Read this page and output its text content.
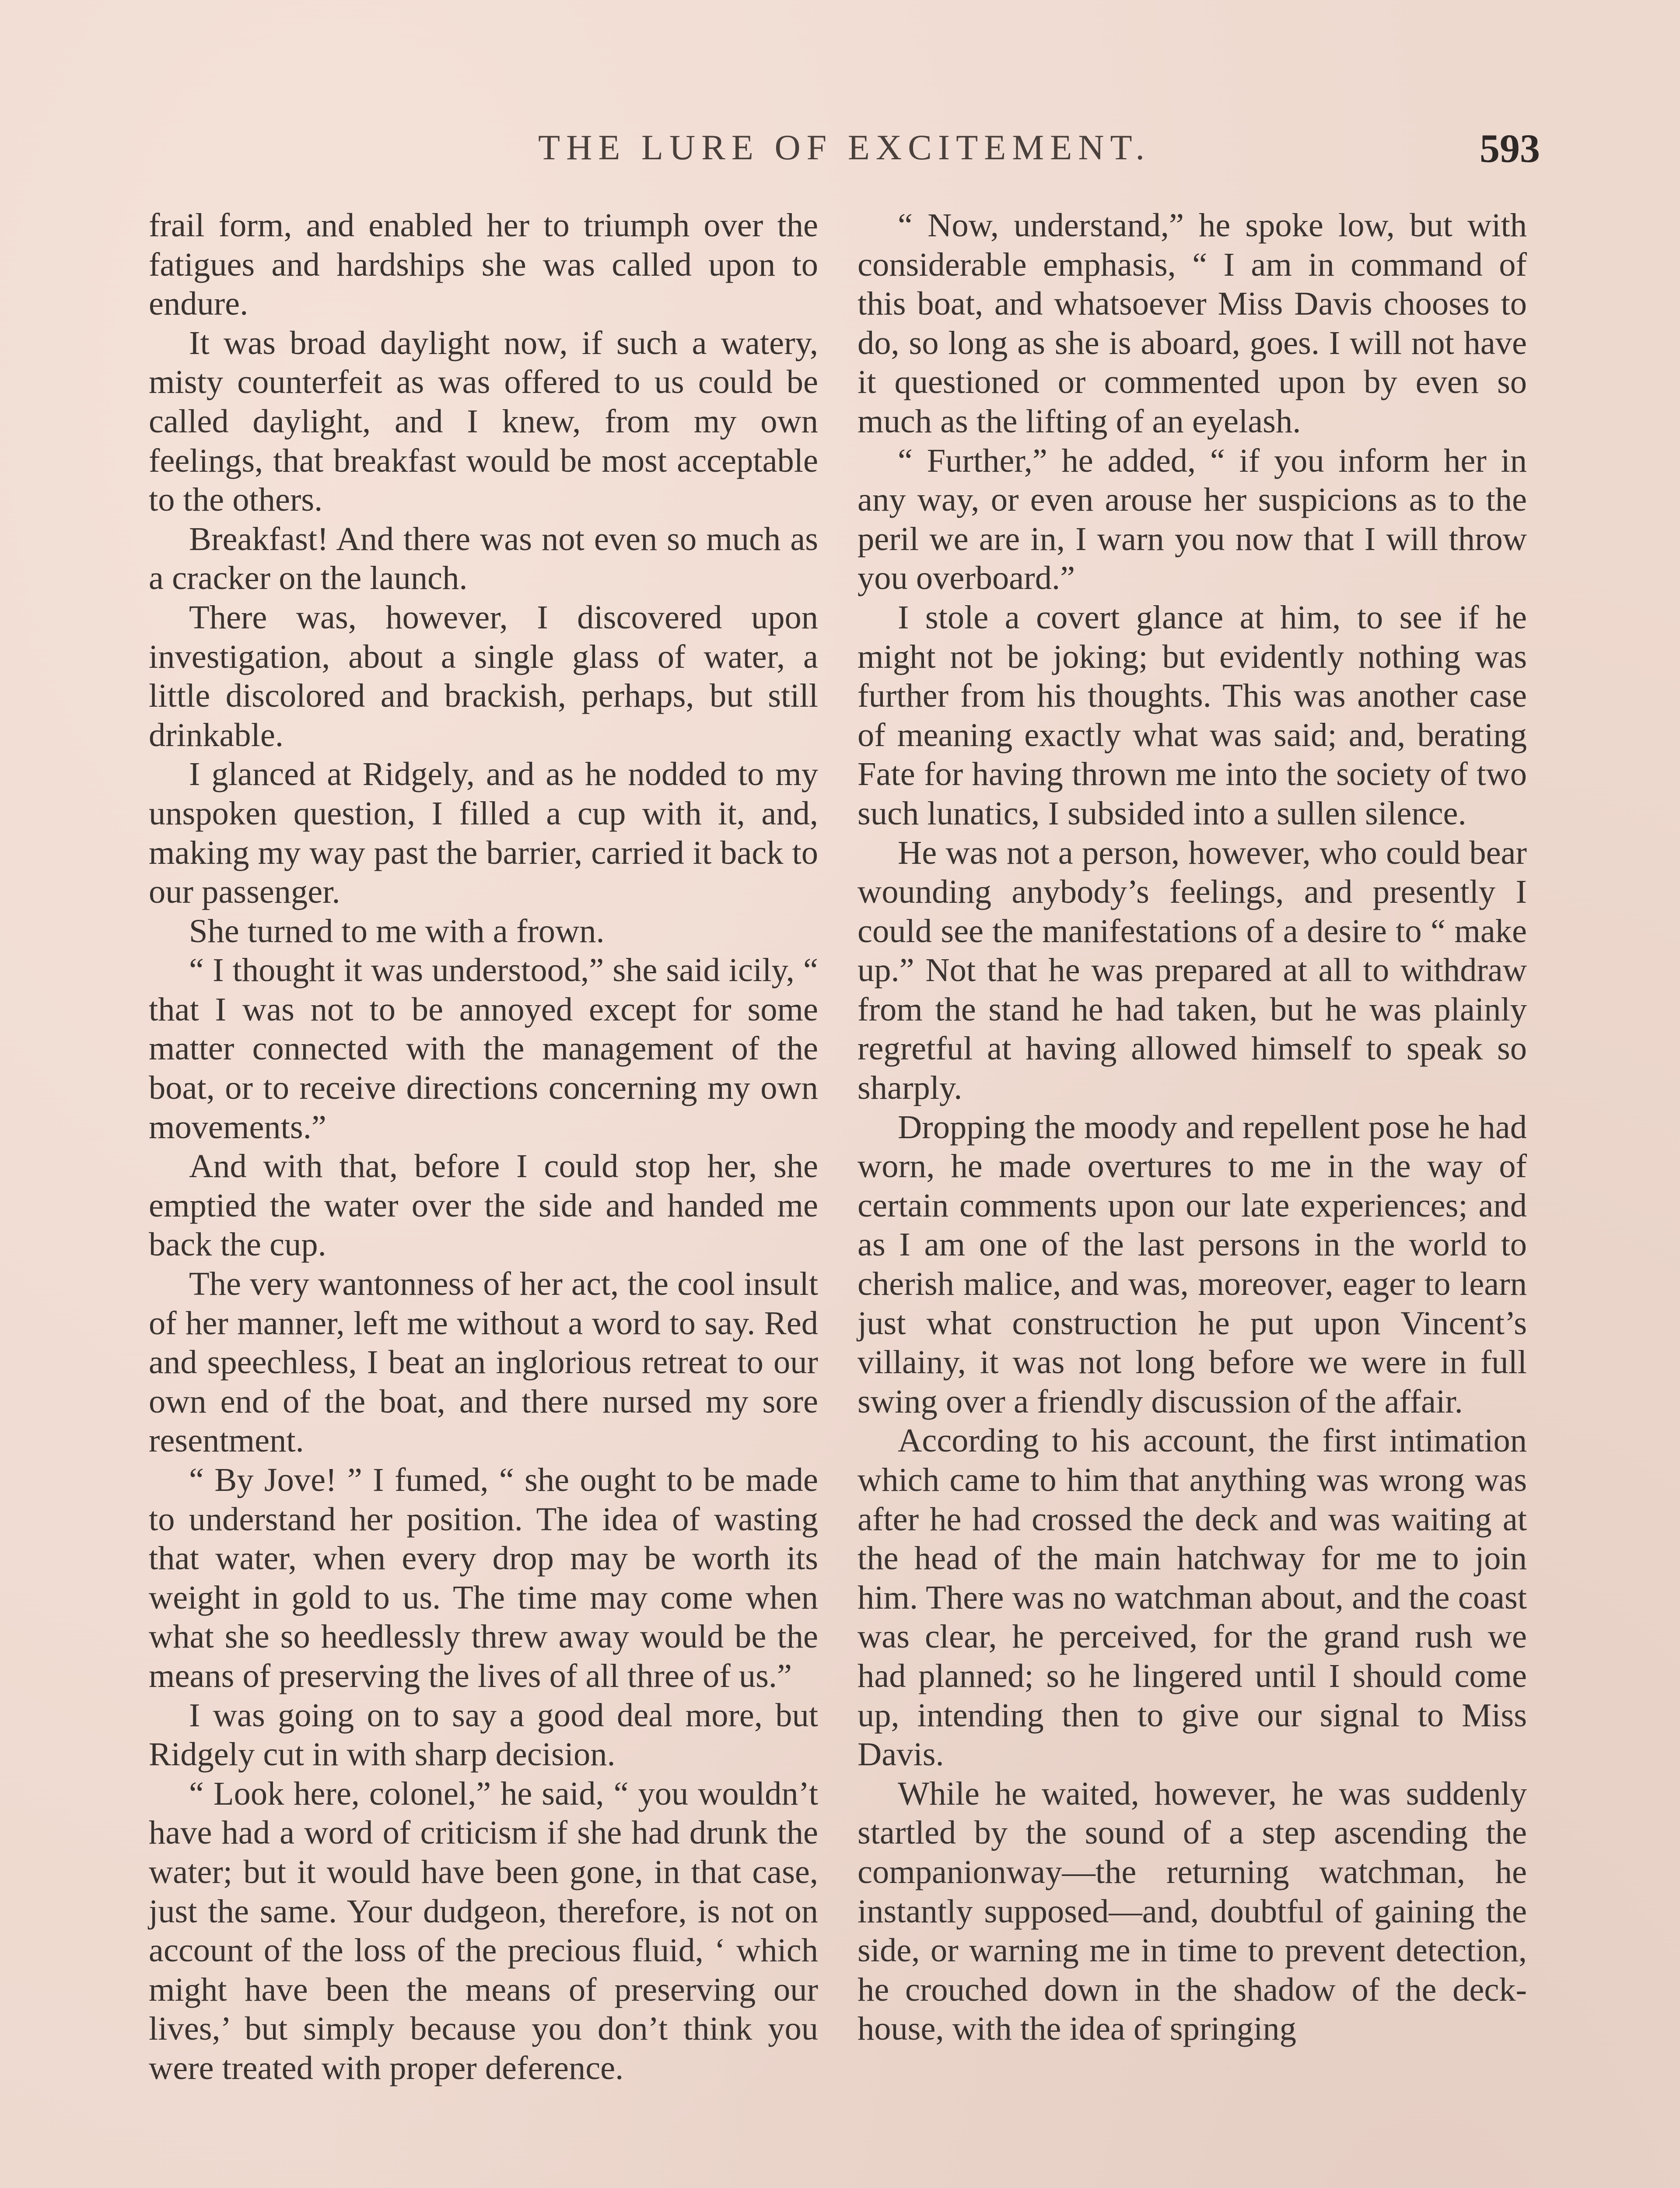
THE LURE OF EXCITEMENT.	593

frail form, and enabled her to triumph over the fatigues and hardships she was called upon to endure.

It was broad daylight now, if such a watery, misty counterfeit as was offered to us could be called daylight, and I knew, from my own feelings, that breakfast would be most acceptable to the others.

Breakfast! And there was not even so much as a cracker on the launch.

There was, however, I discovered upon investigation, about a single glass of water, a little discolored and brackish, perhaps, but still drinkable.

I glanced at Ridgely, and as he nodded to my unspoken question, I filled a cup with it, and, making my way past the barrier, carried it back to our passenger.

She turned to me with a frown.

“ I thought it was understood,” she said icily, “ that I was not to be annoyed except for some matter connected with the management of the boat, or to receive directions concerning my own movements.”

And with that, before I could stop her, she emptied the water over the side and handed me back the cup.

The very wantonness of her act, the cool insult of her manner, left me without a word to say. Red and speechless, I beat an inglorious retreat to our own end of the boat, and there nursed my sore resentment.

“ By Jove! ” I fumed, “ she ought to be made to understand her position. The idea of wasting that water, when every drop may be worth its weight in gold to us. The time may come when what she so heedlessly threw away would be the means of preserving the lives of all three of us.”

I was going on to say a good deal more, but Ridgely cut in with sharp decision.

“ Look here, colonel,” he said, “ you wouldn’t have had a word of criticism if she had drunk the water; but it would have been gone, in that case, just the same. Your dudgeon, therefore, is not on account of the loss of the precious fluid, ‘ which might have been the means of preserving our lives,’ but simply because you don’t think you were treated with proper deference.

“ Now, understand,” he spoke low, but with considerable emphasis, “ I am in command of this boat, and whatsoever Miss Davis chooses to do, so long as she is aboard, goes. I will not have it questioned or commented upon by even so much as the lifting of an eyelash.

“ Further,” he added, “ if you inform her in any way, or even arouse her suspicions as to the peril we are in, I warn you now that I will throw you overboard.”

I stole a covert glance at him, to see if he might not be joking; but evidently nothing was further from his thoughts. This was another case of meaning exactly what was said; and, berating Fate for having thrown me into the society of two such lunatics, I subsided into a sullen silence.

He was not a person, however, who could bear wounding anybody’s feelings, and presently I could see the manifestations of a desire to “ make up.” Not that he was prepared at all to withdraw from the stand he had taken, but he was plainly regretful at having allowed himself to speak so sharply.

Dropping the moody and repellent pose he had worn, he made overtures to me in the way of certain comments upon our late experiences; and as I am one of the last persons in the world to cherish malice, and was, moreover, eager to learn just what construction he put upon Vincent’s villainy, it was not long before we were in full swing over a friendly discussion of the affair.

According to his account, the first intimation which came to him that anything was wrong was after he had crossed the deck and was waiting at the head of the main hatchway for me to join him. There was no watchman about, and the coast was clear, he perceived, for the grand rush we had planned; so he lingered until I should come up, intending then to give our signal to Miss Davis.

While he waited, however, he was suddenly startled by the sound of a step ascending the companionway—the returning watchman, he instantly supposed—and, doubtful of gaining the side, or warning me in time to prevent detection, he crouched down in the shadow of the deck-house, with the idea of springing
